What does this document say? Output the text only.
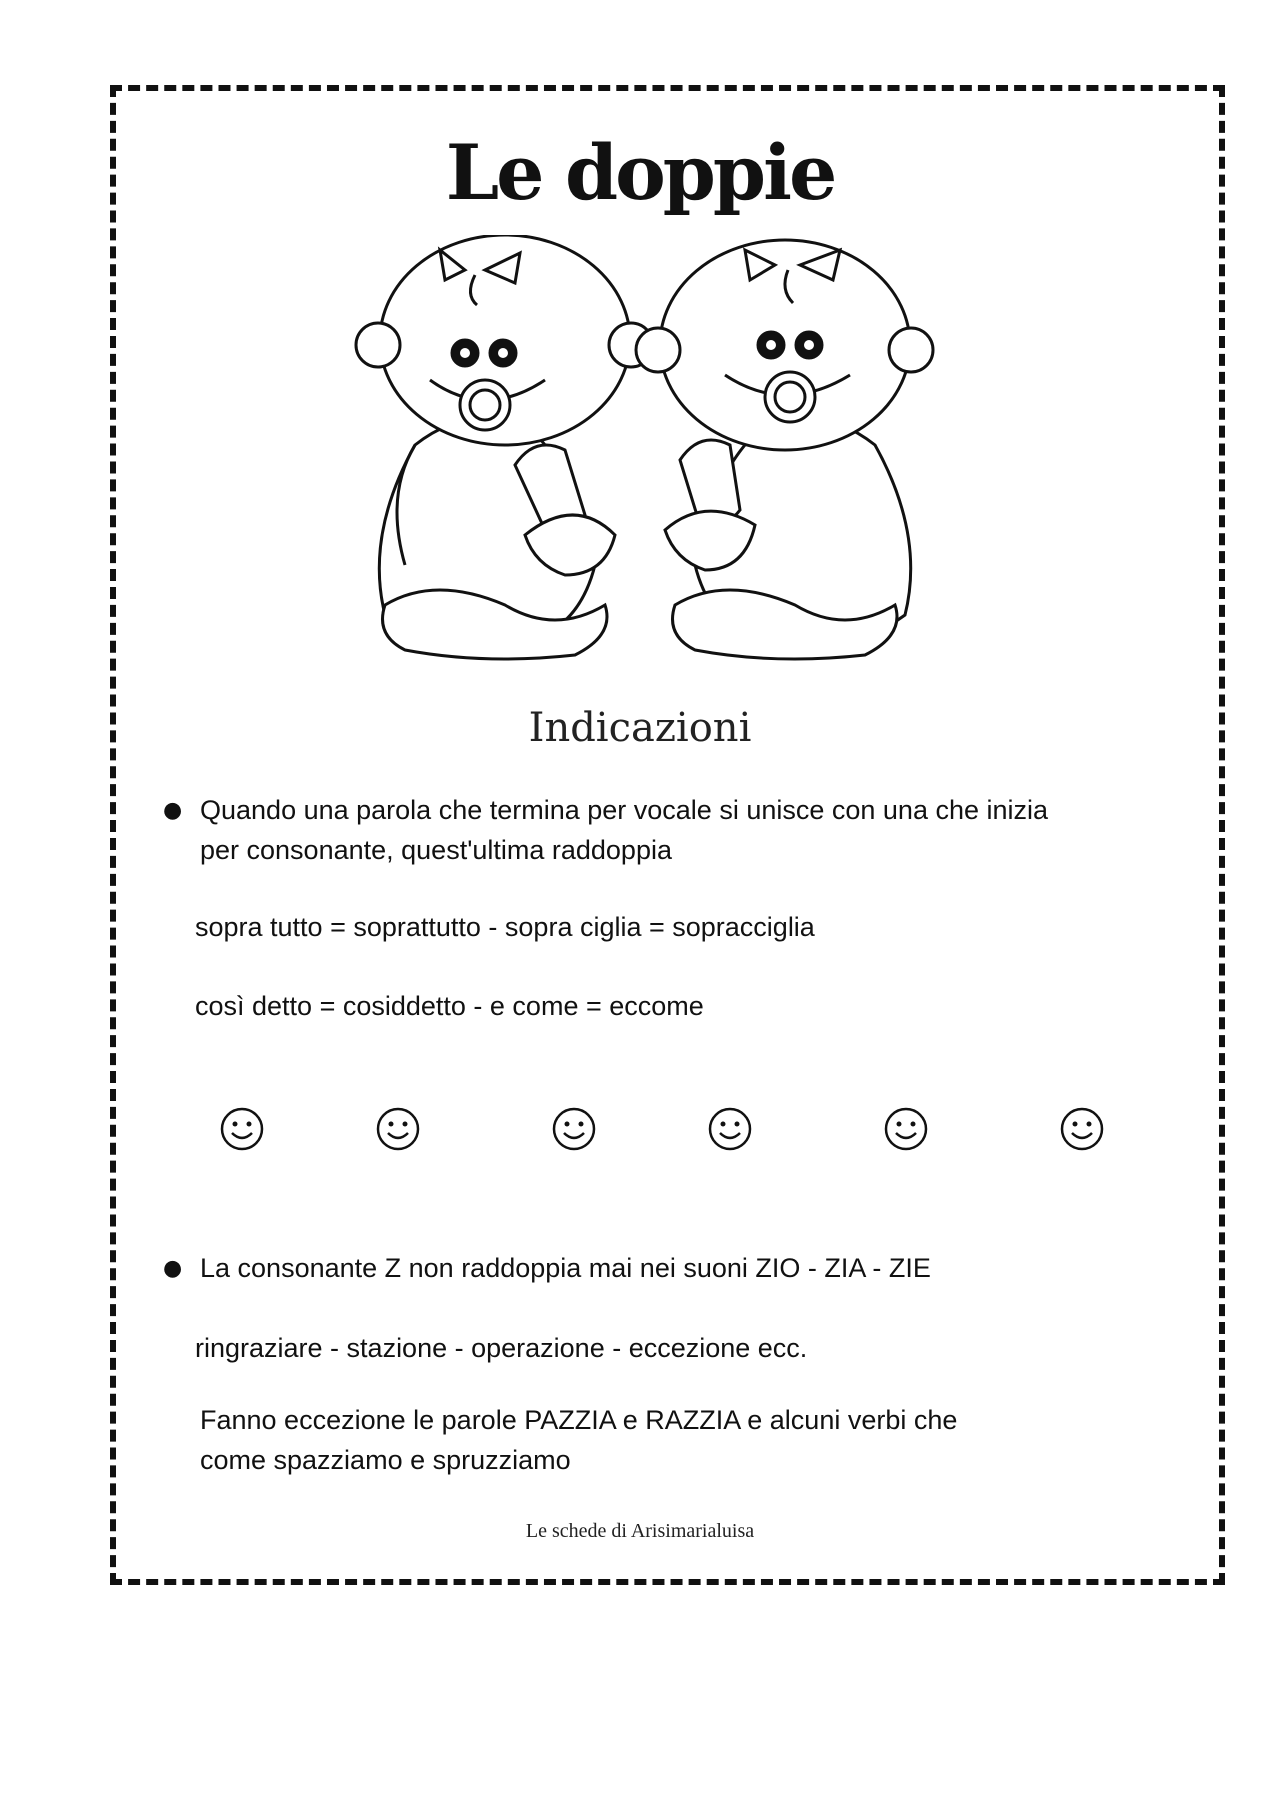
Le doppie
Indicazioni
● Quando una parola che termina per vocale si unisce con una che inizia
per consonante, quest'ultima raddoppia
sopra tutto = soprattutto - sopra ciglia = sopracciglia
così detto = cosiddetto - e come = eccome
● La consonante Z non raddoppia mai nei suoni ZIO - ZIA - ZIE
ringraziare - stazione - operazione - eccezione ecc.
Fanno eccezione le parole PAZZIA e RAZZIA e alcuni verbi che
come spazziamo e spruzziamo
Le schede di Arisimarialuisa
